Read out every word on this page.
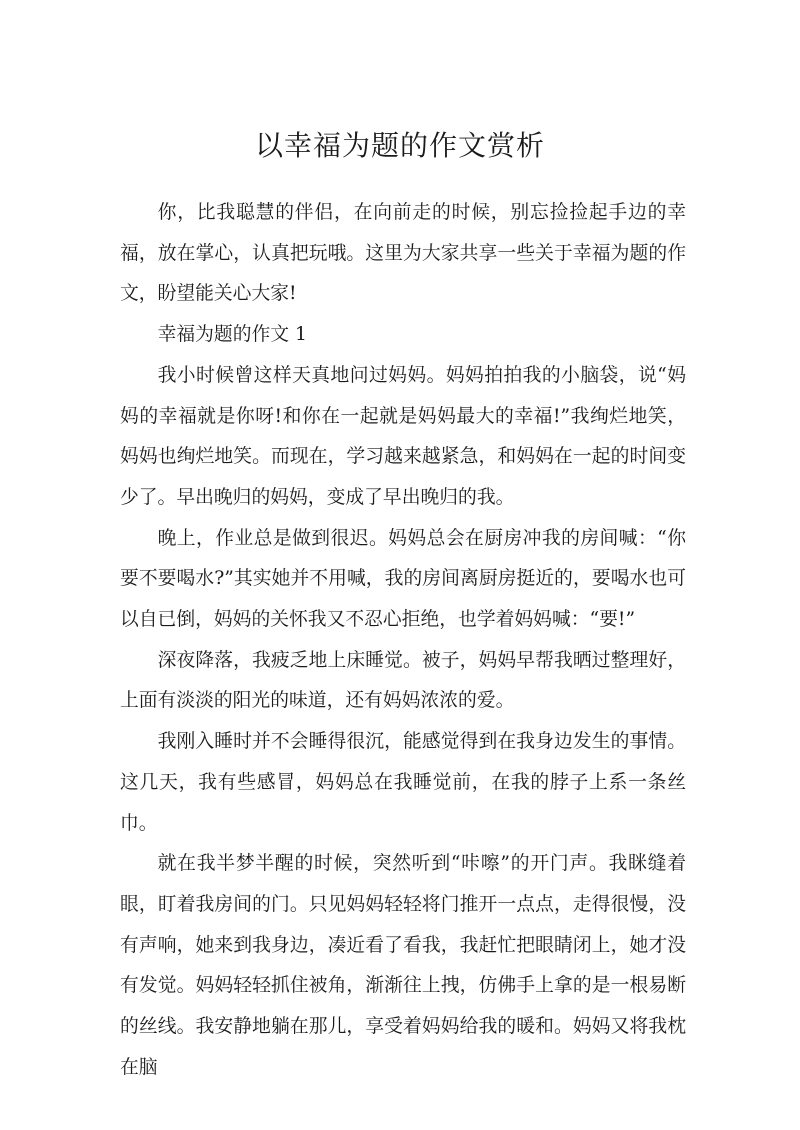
以幸福为题的作文赏析

你，比我聪慧的伴侣，在向前走的时候，别忘捡捡起手边的幸福，放在掌心，认真把玩哦。这里为大家共享一些关于幸福为题的作文，盼望能关心大家!

幸福为题的作文 1

我小时候曾这样天真地问过妈妈。妈妈拍拍我的小脑袋，说“妈妈的幸福就是你呀!和你在一起就是妈妈最大的幸福!”我绚烂地笑，妈妈也绚烂地笑。而现在，学习越来越紧急，和妈妈在一起的时间变少了。早出晚归的妈妈，变成了早出晚归的我。

晚上，作业总是做到很迟。妈妈总会在厨房冲我的房间喊：“你要不要喝水?”其实她并不用喊，我的房间离厨房挺近的，要喝水也可以自已倒，妈妈的关怀我又不忍心拒绝，也学着妈妈喊：“要!”

深夜降落，我疲乏地上床睡觉。被子，妈妈早帮我晒过整理好，上面有淡淡的阳光的味道，还有妈妈浓浓的爱。

我刚入睡时并不会睡得很沉，能感觉得到在我身边发生的事情。这几天，我有些感冒，妈妈总在我睡觉前，在我的脖子上系一条丝巾。

就在我半梦半醒的时候，突然听到“咔嚓”的开门声。我眯缝着眼，盯着我房间的门。只见妈妈轻轻将门推开一点点，走得很慢，没有声响，她来到我身边，凑近看了看我，我赶忙把眼睛闭上，她才没有发觉。妈妈轻轻抓住被角，渐渐往上拽，仿佛手上拿的是一根易断的丝线。我安静地躺在那儿，享受着妈妈给我的暖和。妈妈又将我枕在脑
